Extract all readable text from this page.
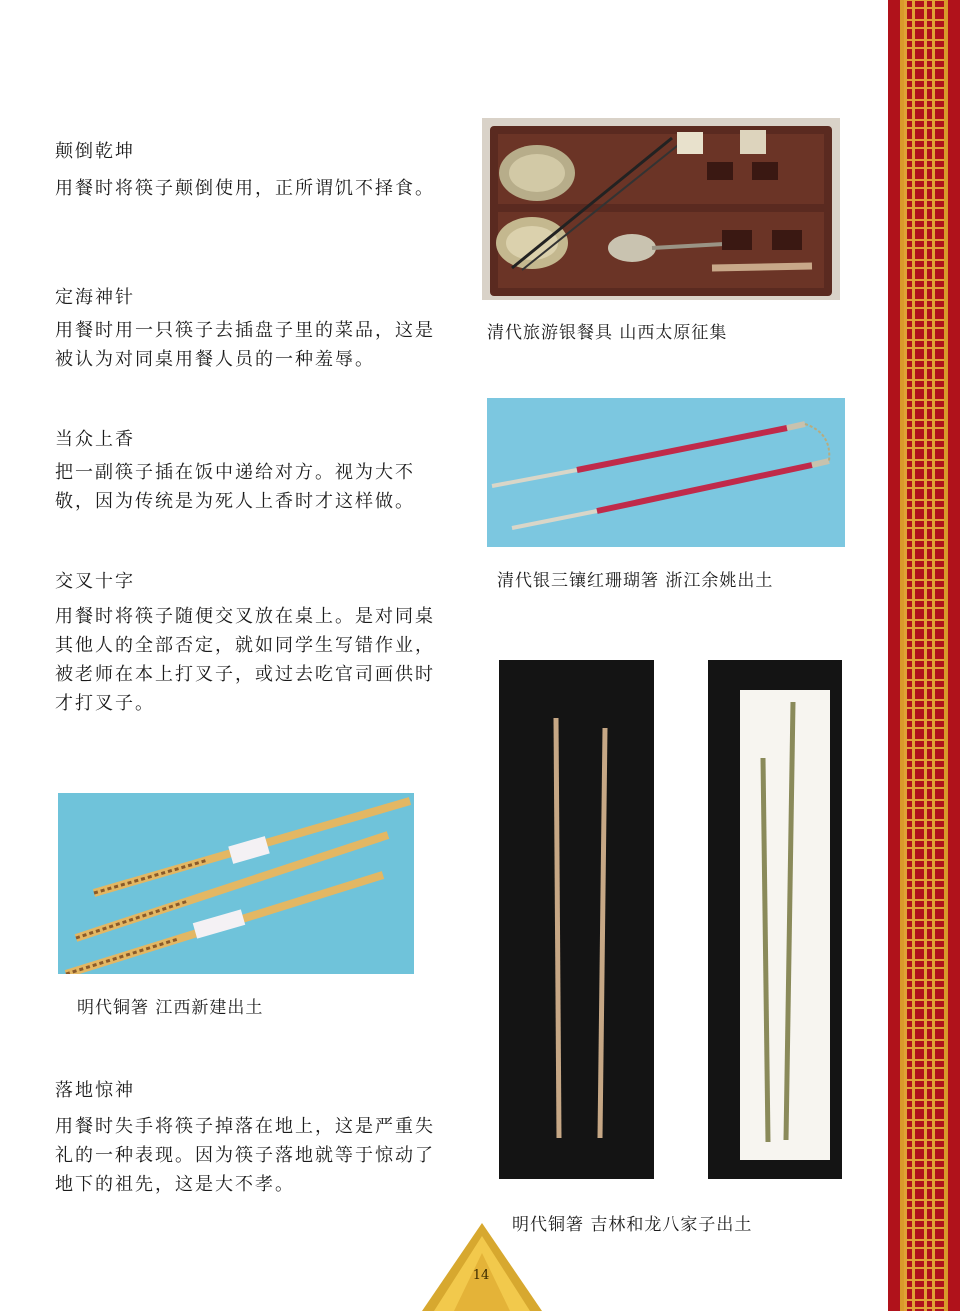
颠倒乾坤
用餐时将筷子颠倒使用，正所谓饥不择食。
定海神针
用餐时用一只筷子去插盘子里的菜品，这是被认为对同桌用餐人员的一种羞辱。
当众上香
把一副筷子插在饭中递给对方。视为大不敬，因为传统是为死人上香时才这样做。
交叉十字
用餐时将筷子随便交叉放在桌上。是对同桌其他人的全部否定，就如同学生写错作业，被老师在本上打叉子，或过去吃官司画供时才打叉子。
落地惊神
用餐时失手将筷子掉落在地上，这是严重失礼的一种表现。因为筷子落地就等于惊动了地下的祖先，这是大不孝。
清代旅游银餐具 山西太原征集
清代银三镶红珊瑚箸 浙江余姚出土
明代铜箸 江西新建出土
明代铜箸 吉林和龙八家子出土
14
